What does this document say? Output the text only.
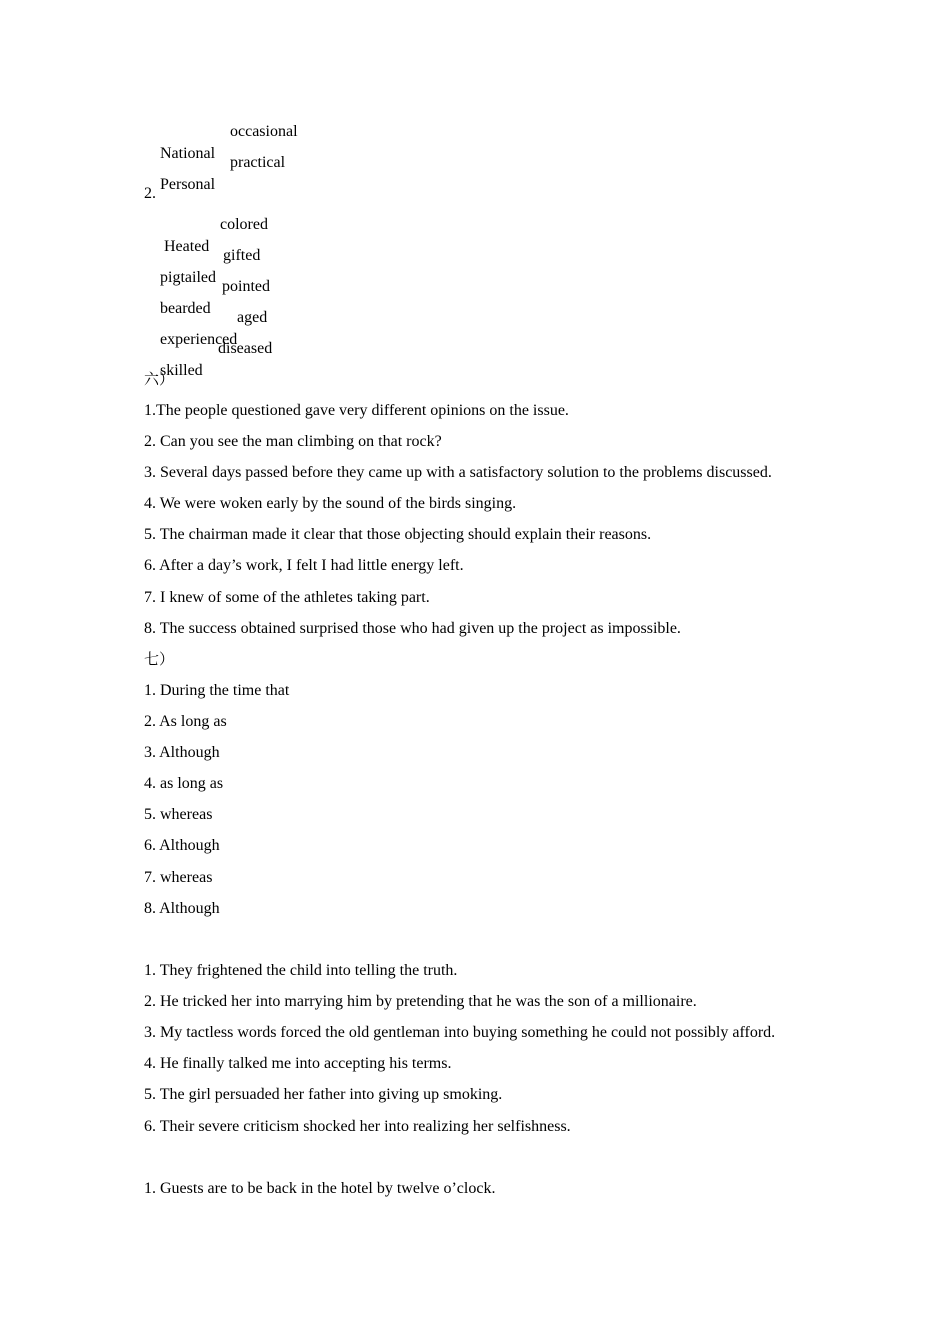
National

occasional

Personal

practical

2.

Heated

colored

pigtailed

gifted

bearded

pointed

experienced

aged

skilled

diseased

六）
1.The people questioned gave very different opinions on the issue.
2. Can you see the man climbing on that rock?
3. Several days passed before they came up with a satisfactory solution to the problems discussed.
4. We were woken early by the sound of the birds singing.
5. The chairman made it clear that those objecting should explain their reasons.
6. After a day’s work, I felt I had little energy left.
7. I knew of some of the athletes taking part.
8. The success obtained surprised those who had given up the project as impossible.
七）
1. During the time that
2. As long as
3. Although
4. as long as
5. whereas
6. Although
7. whereas
8. Although
1. They frightened the child into telling the truth.
2. He tricked her into marrying him by pretending that he was the son of a millionaire.
3. My tactless words forced the old gentleman into buying something he could not possibly afford.
4. He finally talked me into accepting his terms.
5. The girl persuaded her father into giving up smoking.
6. Their severe criticism shocked her into realizing her selfishness.
1. Guests are to be back in the hotel by twelve o’clock.
